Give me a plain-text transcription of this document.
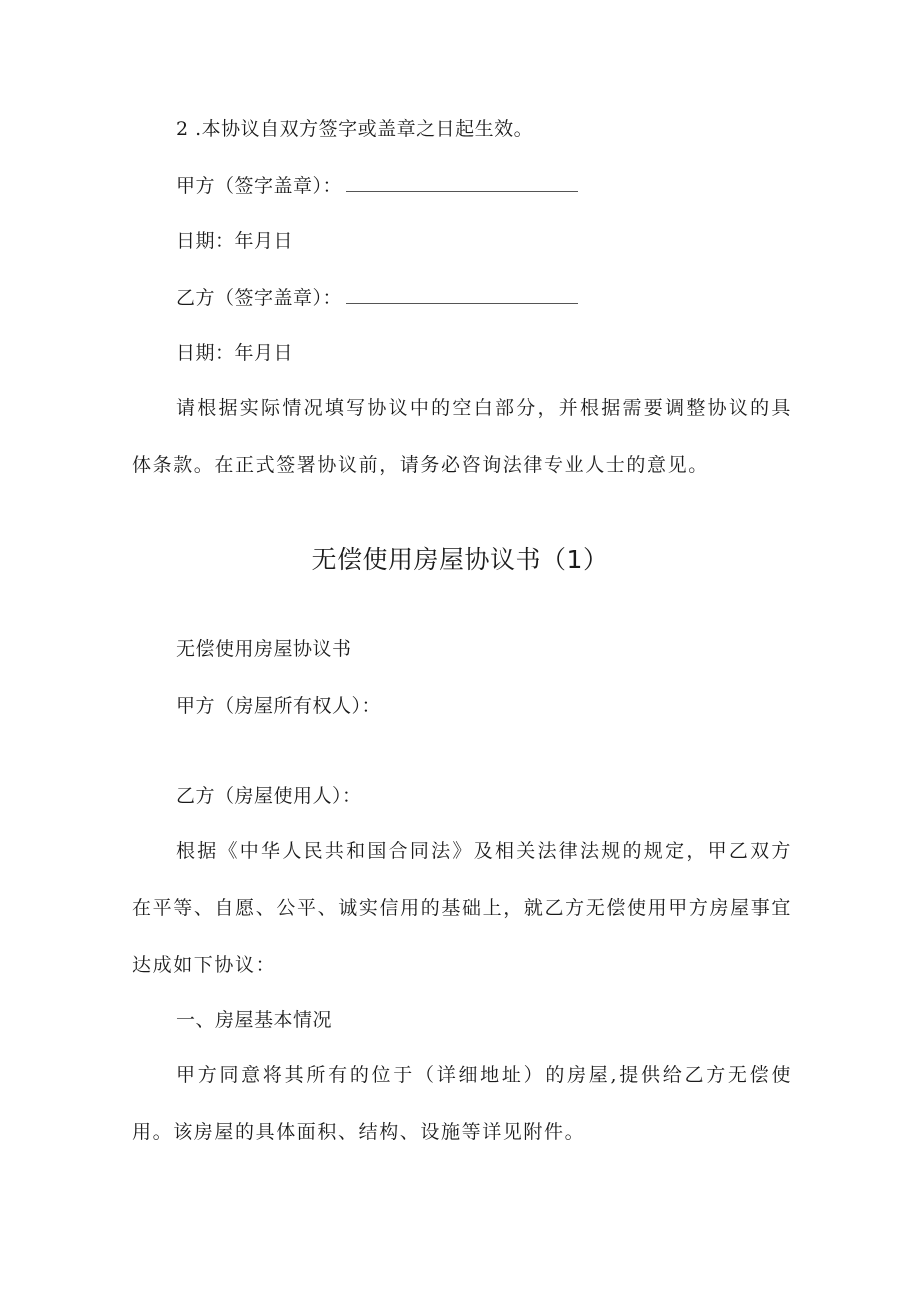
2 .本协议自双方签字或盖章之日起生效。
甲方（签字盖章）：
日期：年月日
乙方（签字盖章）：
日期：年月日
请根据实际情况填写协议中的空白部分，并根据需要调整协议的具体条款。在正式签署协议前，请务必咨询法律专业人士的意见。
无偿使用房屋协议书（1）
无偿使用房屋协议书
甲方（房屋所有权人）：
乙方（房屋使用人）：
根据《中华人民共和国合同法》及相关法律法规的规定，甲乙双方在平等、自愿、公平、诚实信用的基础上，就乙方无偿使用甲方房屋事宜达成如下协议：
一、房屋基本情况
甲方同意将其所有的位于（详细地址）的房屋,提供给乙方无偿使用。该房屋的具体面积、结构、设施等详见附件。
